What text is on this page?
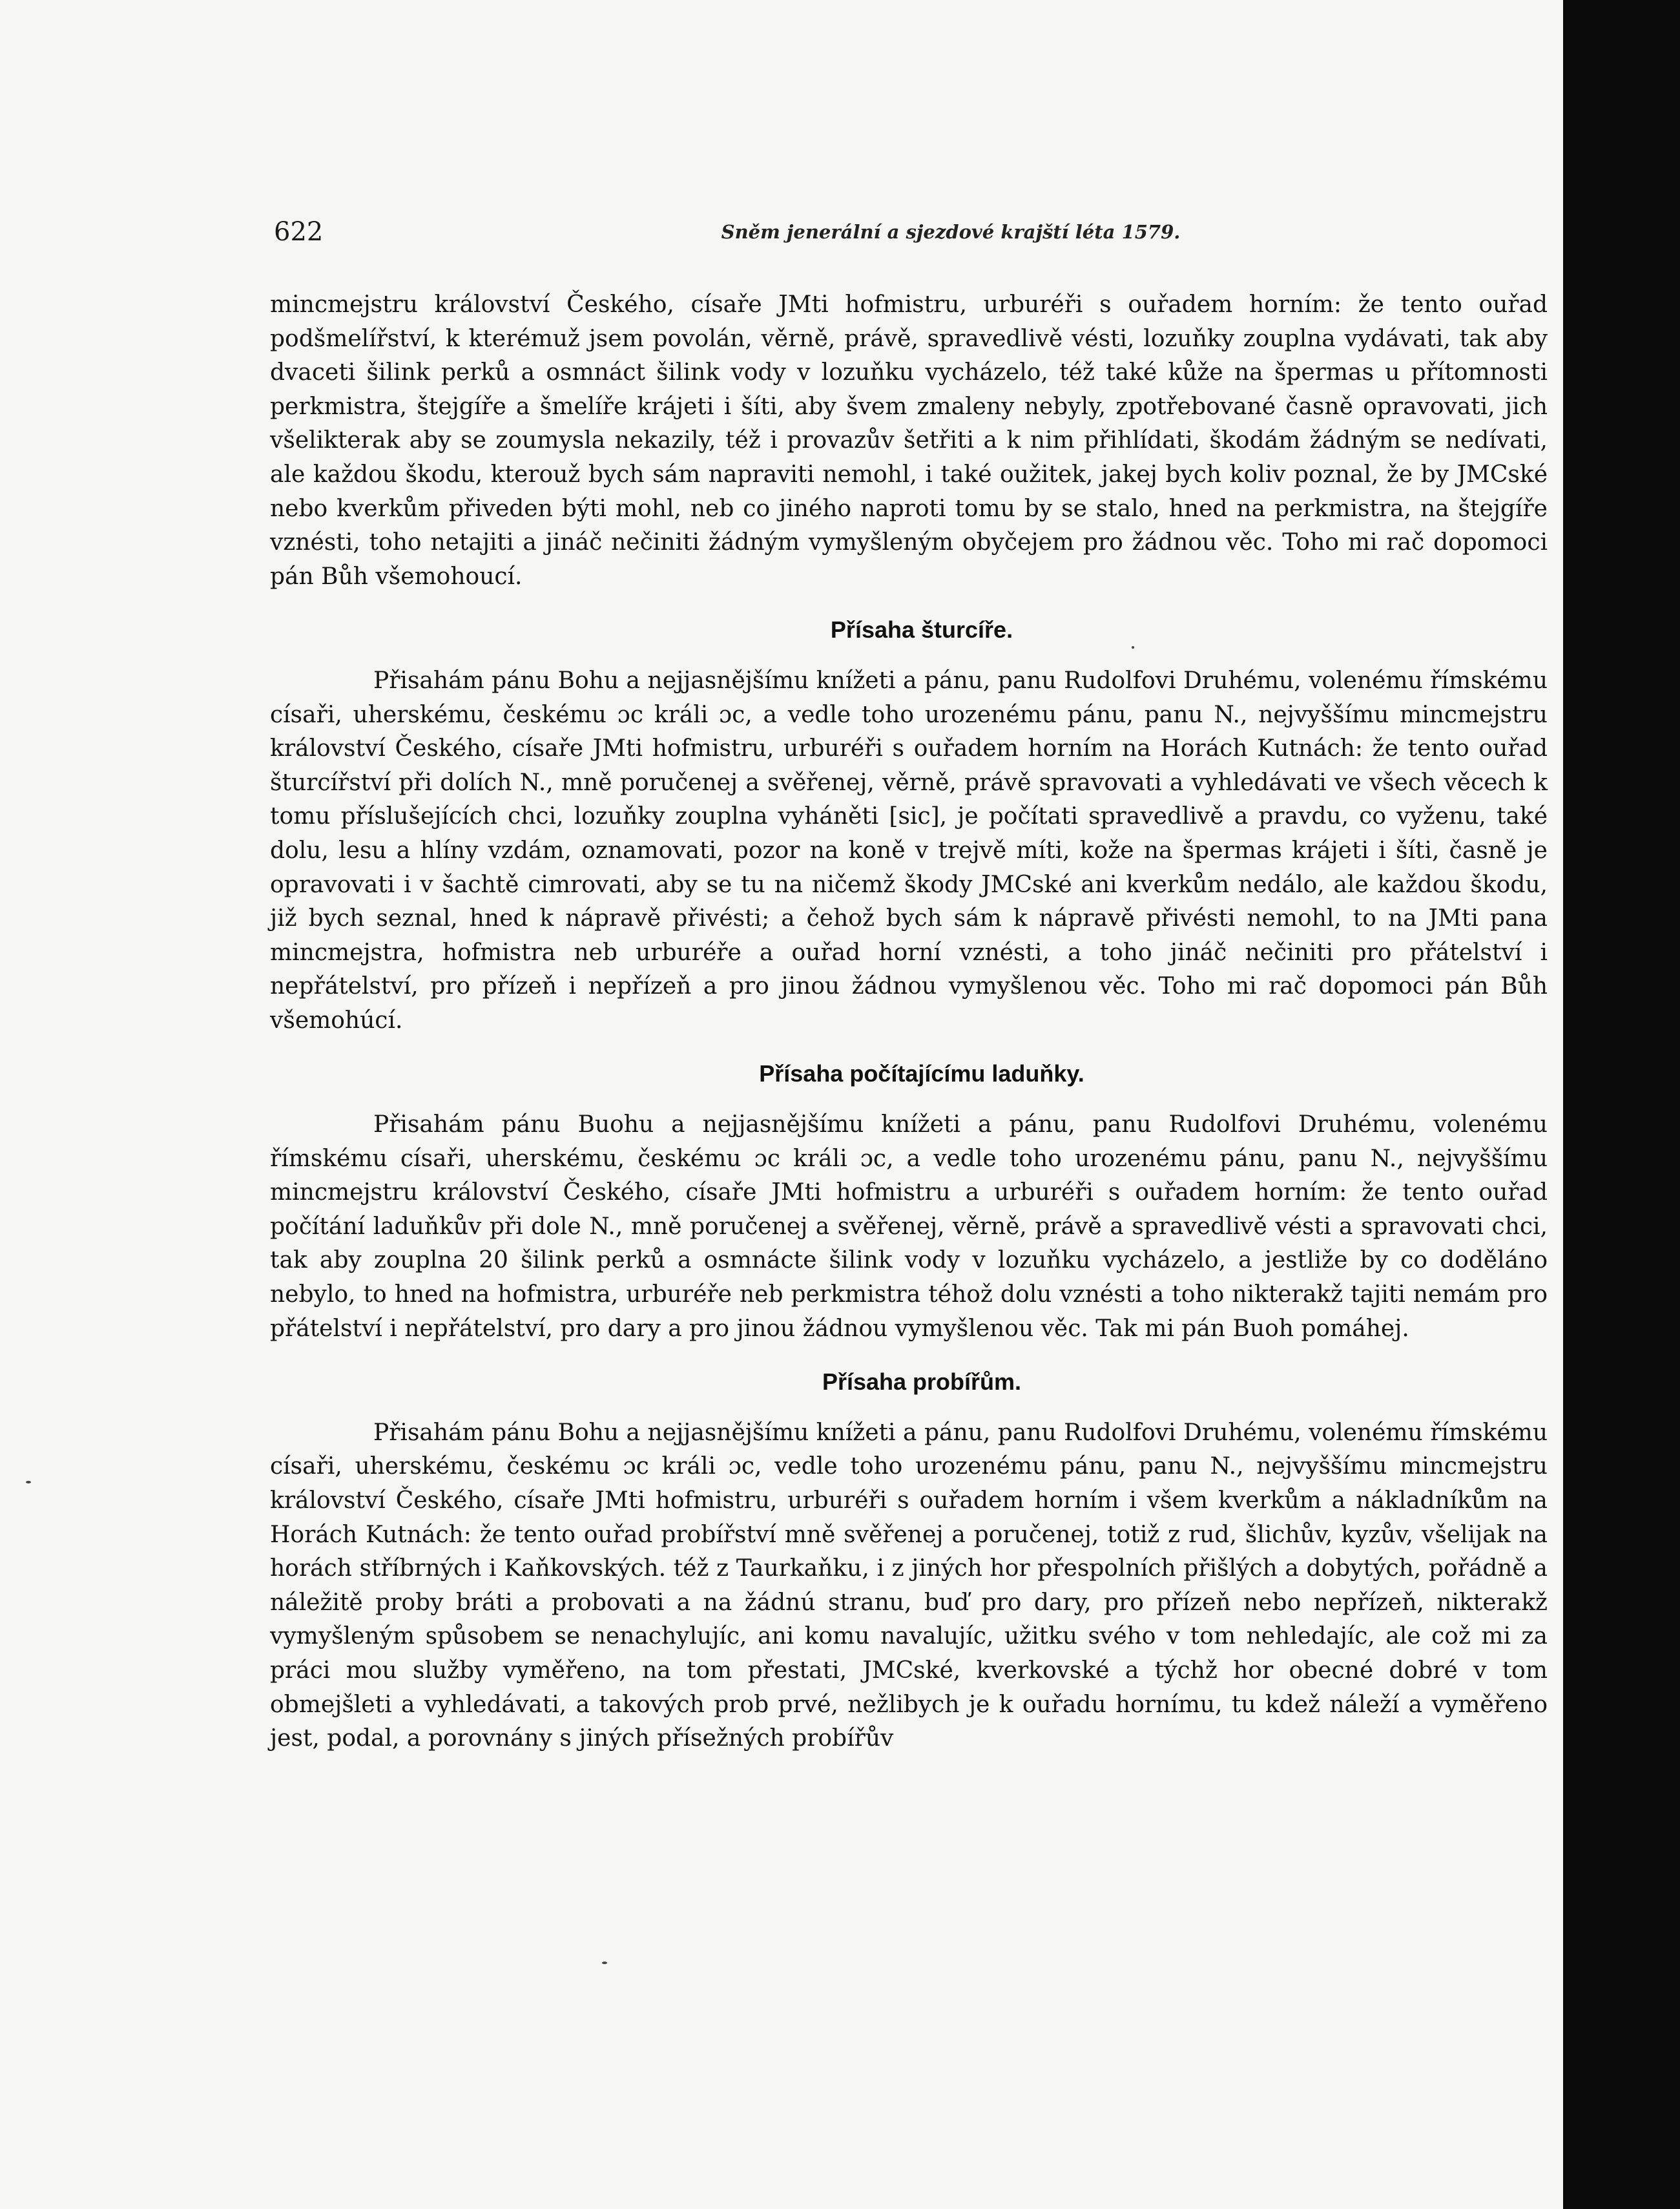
622	Sněm jenerální a sjezdové krajští léta 1579.

mincmejstru království Českého, císaře JMti hofmistru, urburéři s ouřadem horním: že tento ouřad podšmelířství, k kterémuž jsem povolán, věrně, právě, spravedlivě vésti, lozuňky zouplna vydávati, tak aby dvaceti šilink perků a osmnáct šilink vody v lozuňku vycházelo, též také kůže na špermas u přítomnosti perkmistra, štejgíře a šmelíře krájeti i šíti, aby švem zmaleny nebyly, zpotřebované časně opravovati, jich všelikterak aby se zoumysla nekazily, též i provazův šetřiti a k nim přihlídati, škodám žádným se nedívati, ale každou škodu, kterouž bych sám napraviti nemohl, i také oužitek, jakej bych koliv poznal, že by JMCské nebo kverkům přiveden býti mohl, neb co jiného naproti tomu by se stalo, hned na perkmistra, na štejgíře vznésti, toho netajiti a jináč nečiniti žádným vymyšleným obyčejem pro žádnou věc. Toho mi rač dopomoci pán Bůh všemohoucí.

Přísaha šturcíře.

Přisahám pánu Bohu a nejjasnějšímu knížeti a pánu, panu Rudolfovi Druhému, volenému římskému císaři, uherskému, českému ɔc králi ɔc, a vedle toho urozenému pánu, panu N., nejvyššímu mincmejstru království Českého, císaře JMti hofmistru, urburéři s ouřadem horním na Horách Kutnách: že tento ouřad šturcířství při dolích N., mně poručenej a svěřenej, věrně, právě spravovati a vyhledávati ve všech věcech k tomu příslušejících chci, lozuňky zouplna vyháněti [sic], je počítati spravedlivě a pravdu, co vyženu, také dolu, lesu a hlíny vzdám, oznamovati, pozor na koně v trejvě míti, kože na špermas krájeti i šíti, časně je opravovati i v šachtě cimrovati, aby se tu na ničemž škody JMCské ani kverkům nedálo, ale každou škodu, již bych seznal, hned k nápravě přivésti; a čehož bych sám k nápravě přivésti nemohl, to na JMti pana mincmejstra, hofmistra neb urburéře a ouřad horní vznésti, a toho jináč nečiniti pro přátelství i nepřátelství, pro přízeň i nepřízeň a pro jinou žádnou vymyšlenou věc. Toho mi rač dopomoci pán Bůh všemohúcí.

Přísaha počítajícímu laduňky.

Přisahám pánu Buohu a nejjasnějšímu knížeti a pánu, panu Rudolfovi Druhému, volenému římskému císaři, uherskému, českému ɔc králi ɔc, a vedle toho urozenému pánu, panu N., nejvyššímu mincmejstru království Českého, císaře JMti hofmistru a urburéři s ouřadem horním: že tento ouřad počítání laduňkův při dole N., mně poručenej a svěřenej, věrně, právě a spravedlivě vésti a spravovati chci, tak aby zouplna 20 šilink perků a osmnácte šilink vody v lozuňku vycházelo, a jestliže by co doděláno nebylo, to hned na hofmistra, urburéře neb perkmistra téhož dolu vznésti a toho nikterakž tajiti nemám pro přátelství i nepřátelství, pro dary a pro jinou žádnou vymyšlenou věc. Tak mi pán Buoh pomáhej.

Přísaha probířům.

Přisahám pánu Bohu a nejjasnějšímu knížeti a pánu, panu Rudolfovi Druhému, volenému římskému císaři, uherskému, českému ɔc králi ɔc, vedle toho urozenému pánu, panu N., nejvyššímu mincmejstru království Českého, císaře JMti hofmistru, urburéři s ouřadem horním i všem kverkům a nákladníkům na Horách Kutnách: že tento ouřad probířství mně svěřenej a poručenej, totiž z rud, šlichův, kyzův, všelijak na horách stříbrných i Kaňkovských. též z Taurkaňku, i z jiných hor přespolních přišlých a dobytých, pořádně a náležitě proby bráti a probovati a na žádnú stranu, buď pro dary, pro přízeň nebo nepřízeň, nikterakž vymyšleným spůsobem se nenachylujíc, ani komu navalujíc, užitku svého v tom nehledajíc, ale což mi za práci mou služby vyměřeno, na tom přestati, JMCské, kverkovské a týchž hor obecné dobré v tom obmejšleti a vyhledávati, a takových prob prvé, nežlibych je k ouřadu hornímu, tu kdež náleží a vyměřeno jest, podal, a porovnány s jiných přísežných probířův
